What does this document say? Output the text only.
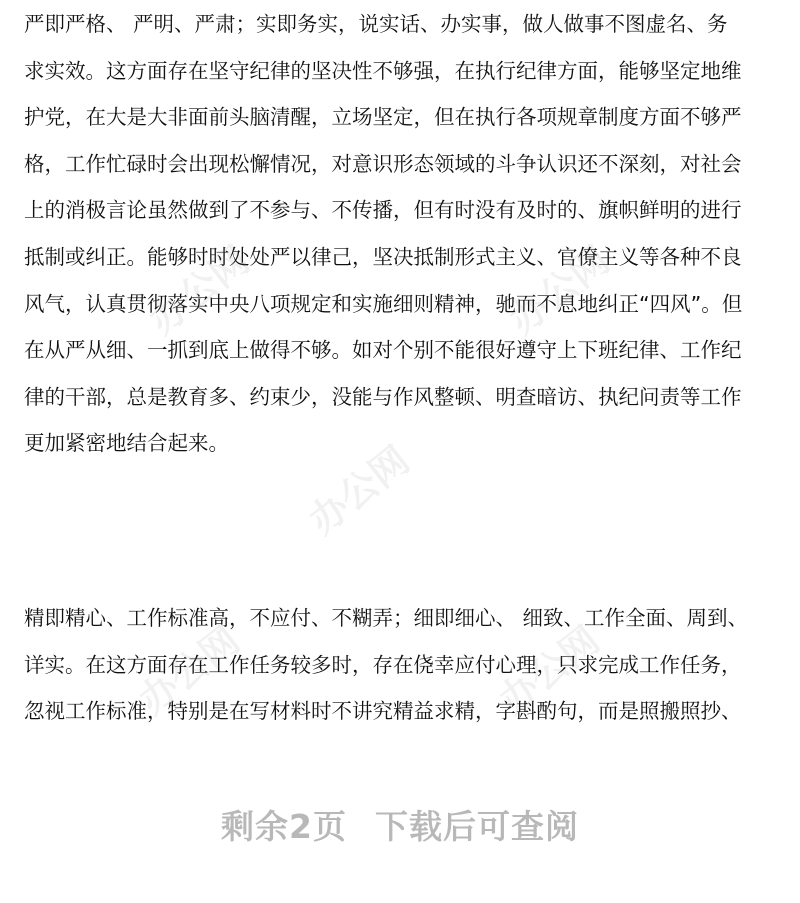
严即严格、 严明、严肃；实即务实，说实话、办实事，做人做事不图虚名、务

求实效。这方面存在坚守纪律的坚决性不够强，在执行纪律方面，能够坚定地维

护党，在大是大非面前头脑清醒，立场坚定，但在执行各项规章制度方面不够严

格，工作忙碌时会出现松懈情况，对意识形态领域的斗争认识还不深刻，对社会

上的消极言论虽然做到了不参与、不传播，但有时没有及时的、旗帜鲜明的进行

抵制或纠正。能够时时处处严以律己，坚决抵制形式主义、官僚主义等各种不良

风气，认真贯彻落实中央八项规定和实施细则精神，驰而不息地纠正“四风”。但

在从严从细、一抓到底上做得不够。如对个别不能很好遵守上下班纪律、工作纪

律的干部，总是教育多、约束少，没能与作风整顿、明查暗访、执纪问责等工作

更加紧密地结合起来。

精即精心、工作标准高，不应付、不糊弄；细即细心、 细致、工作全面、周到、

详实。在这方面存在工作任务较多时，存在侥幸应付心理，只求完成工作任务，

忽视工作标准，特别是在写材料时不讲究精益求精，字斟酌句，而是照搬照抄、

办公网	办公网
办公网
办公网	办公网
剩余2页 下载后可查阅
